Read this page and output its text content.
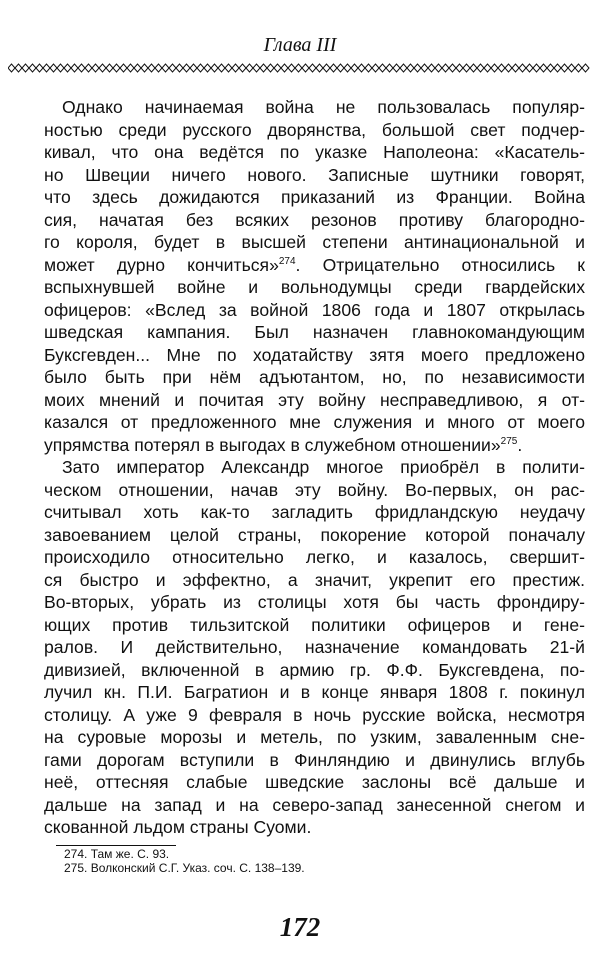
Глава III
Однако начинаемая война не пользовалась популяр-
ностью среди русского дворянства, большой свет подчер-
кивал, что она ведётся по указке Наполеона: «Касатель-
но Швеции ничего нового. Записные шутники говорят,
что здесь дожидаются приказаний из Франции. Война
сия, начатая без всяких резонов противу благородно-
го короля, будет в высшей степени антинациональной и
может дурно кончиться»$^{274}$. Отрицательно относились к
вспыхнувшей войне и вольнодумцы среди гвардейских
офицеров: «Вслед за войной 1806 года и 1807 открылась
шведская кампания. Был назначен главнокомандующим
Буксгевден... Мне по ходатайству зятя моего предложено
было быть при нём адъютантом, но, по независимости
моих мнений и почитая эту войну несправедливою, я от-
казался от предложенного мне служения и много от моего
упрямства потерял в выгодах в служебном отношении»$^{275}$.
Зато император Александр многое приобрёл в полити-
ческом отношении, начав эту войну. Во-первых, он рас-
считывал хоть как-то загладить фридландскую неудачу
завоеванием целой страны, покорение которой поначалу
происходило относительно легко, и казалось, свершит-
ся быстро и эффектно, а значит, укрепит его престиж.
Во-вторых, убрать из столицы хотя бы часть фрондиру-
ющих против тильзитской политики офицеров и гене-
ралов. И действительно, назначение командовать 21-й
дивизией, включенной в армию гр. Ф.Ф. Буксгевдена, по-
лучил кн. П.И. Багратион и в конце января 1808 г. покинул
столицу. А уже 9 февраля в ночь русские войска, несмотря
на суровые морозы и метель, по узким, заваленным сне-
гами дорогам вступили в Финляндию и двинулись вглубь
неё, оттесняя слабые шведские заслоны всё дальше и
дальше на запад и на северо-запад занесенной снегом и
скованной льдом страны Суоми.
274. Там же. С. 93.
275. Волконский С.Г. Указ. соч. С. 138–139.
172
